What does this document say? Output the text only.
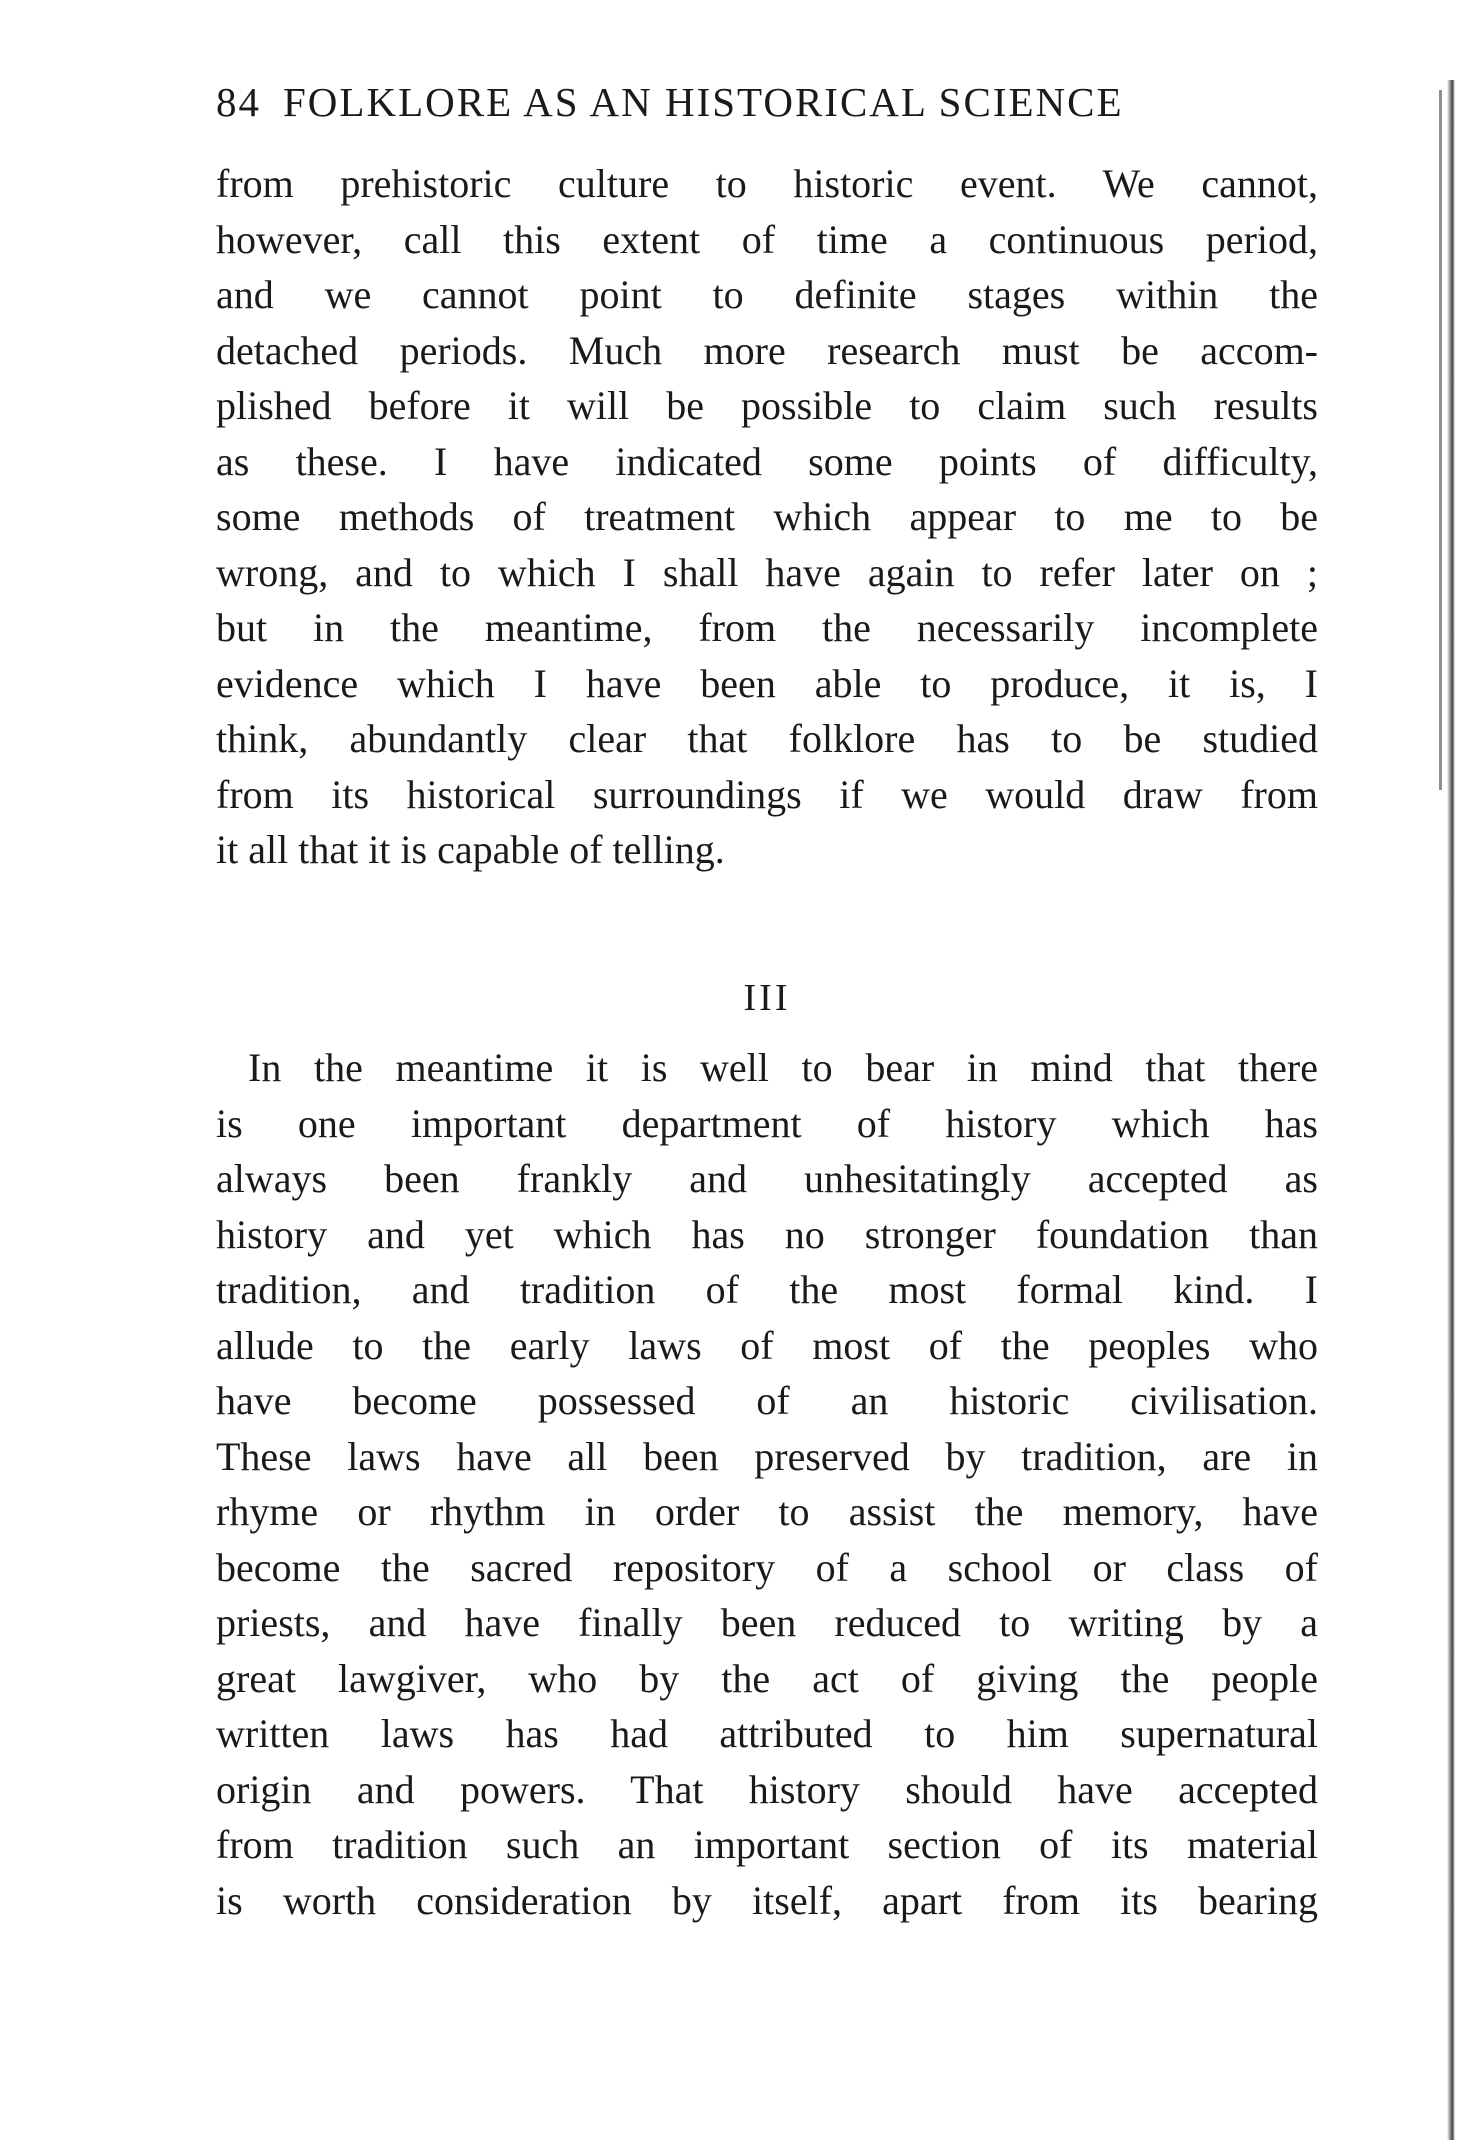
84 FOLKLORE AS AN HISTORICAL SCIENCE
from prehistoric culture to historic event. We cannot,
however, call this extent of time a continuous period,
and we cannot point to definite stages within the
detached periods. Much more research must be accom-
plished before it will be possible to claim such results
as these. I have indicated some points of difficulty,
some methods of treatment which appear to me to be
wrong, and to which I shall have again to refer later on ;
but in the meantime, from the necessarily incomplete
evidence which I have been able to produce, it is, I
think, abundantly clear that folklore has to be studied
from its historical surroundings if we would draw from
it all that it is capable of telling.
III
In the meantime it is well to bear in mind that there
is one important department of history which has
always been frankly and unhesitatingly accepted as
history and yet which has no stronger foundation than
tradition, and tradition of the most formal kind. I
allude to the early laws of most of the peoples who
have become possessed of an historic civilisation.
These laws have all been preserved by tradition, are in
rhyme or rhythm in order to assist the memory, have
become the sacred repository of a school or class of
priests, and have finally been reduced to writing by a
great lawgiver, who by the act of giving the people
written laws has had attributed to him supernatural
origin and powers. That history should have accepted
from tradition such an important section of its material
is worth consideration by itself, apart from its bearing
